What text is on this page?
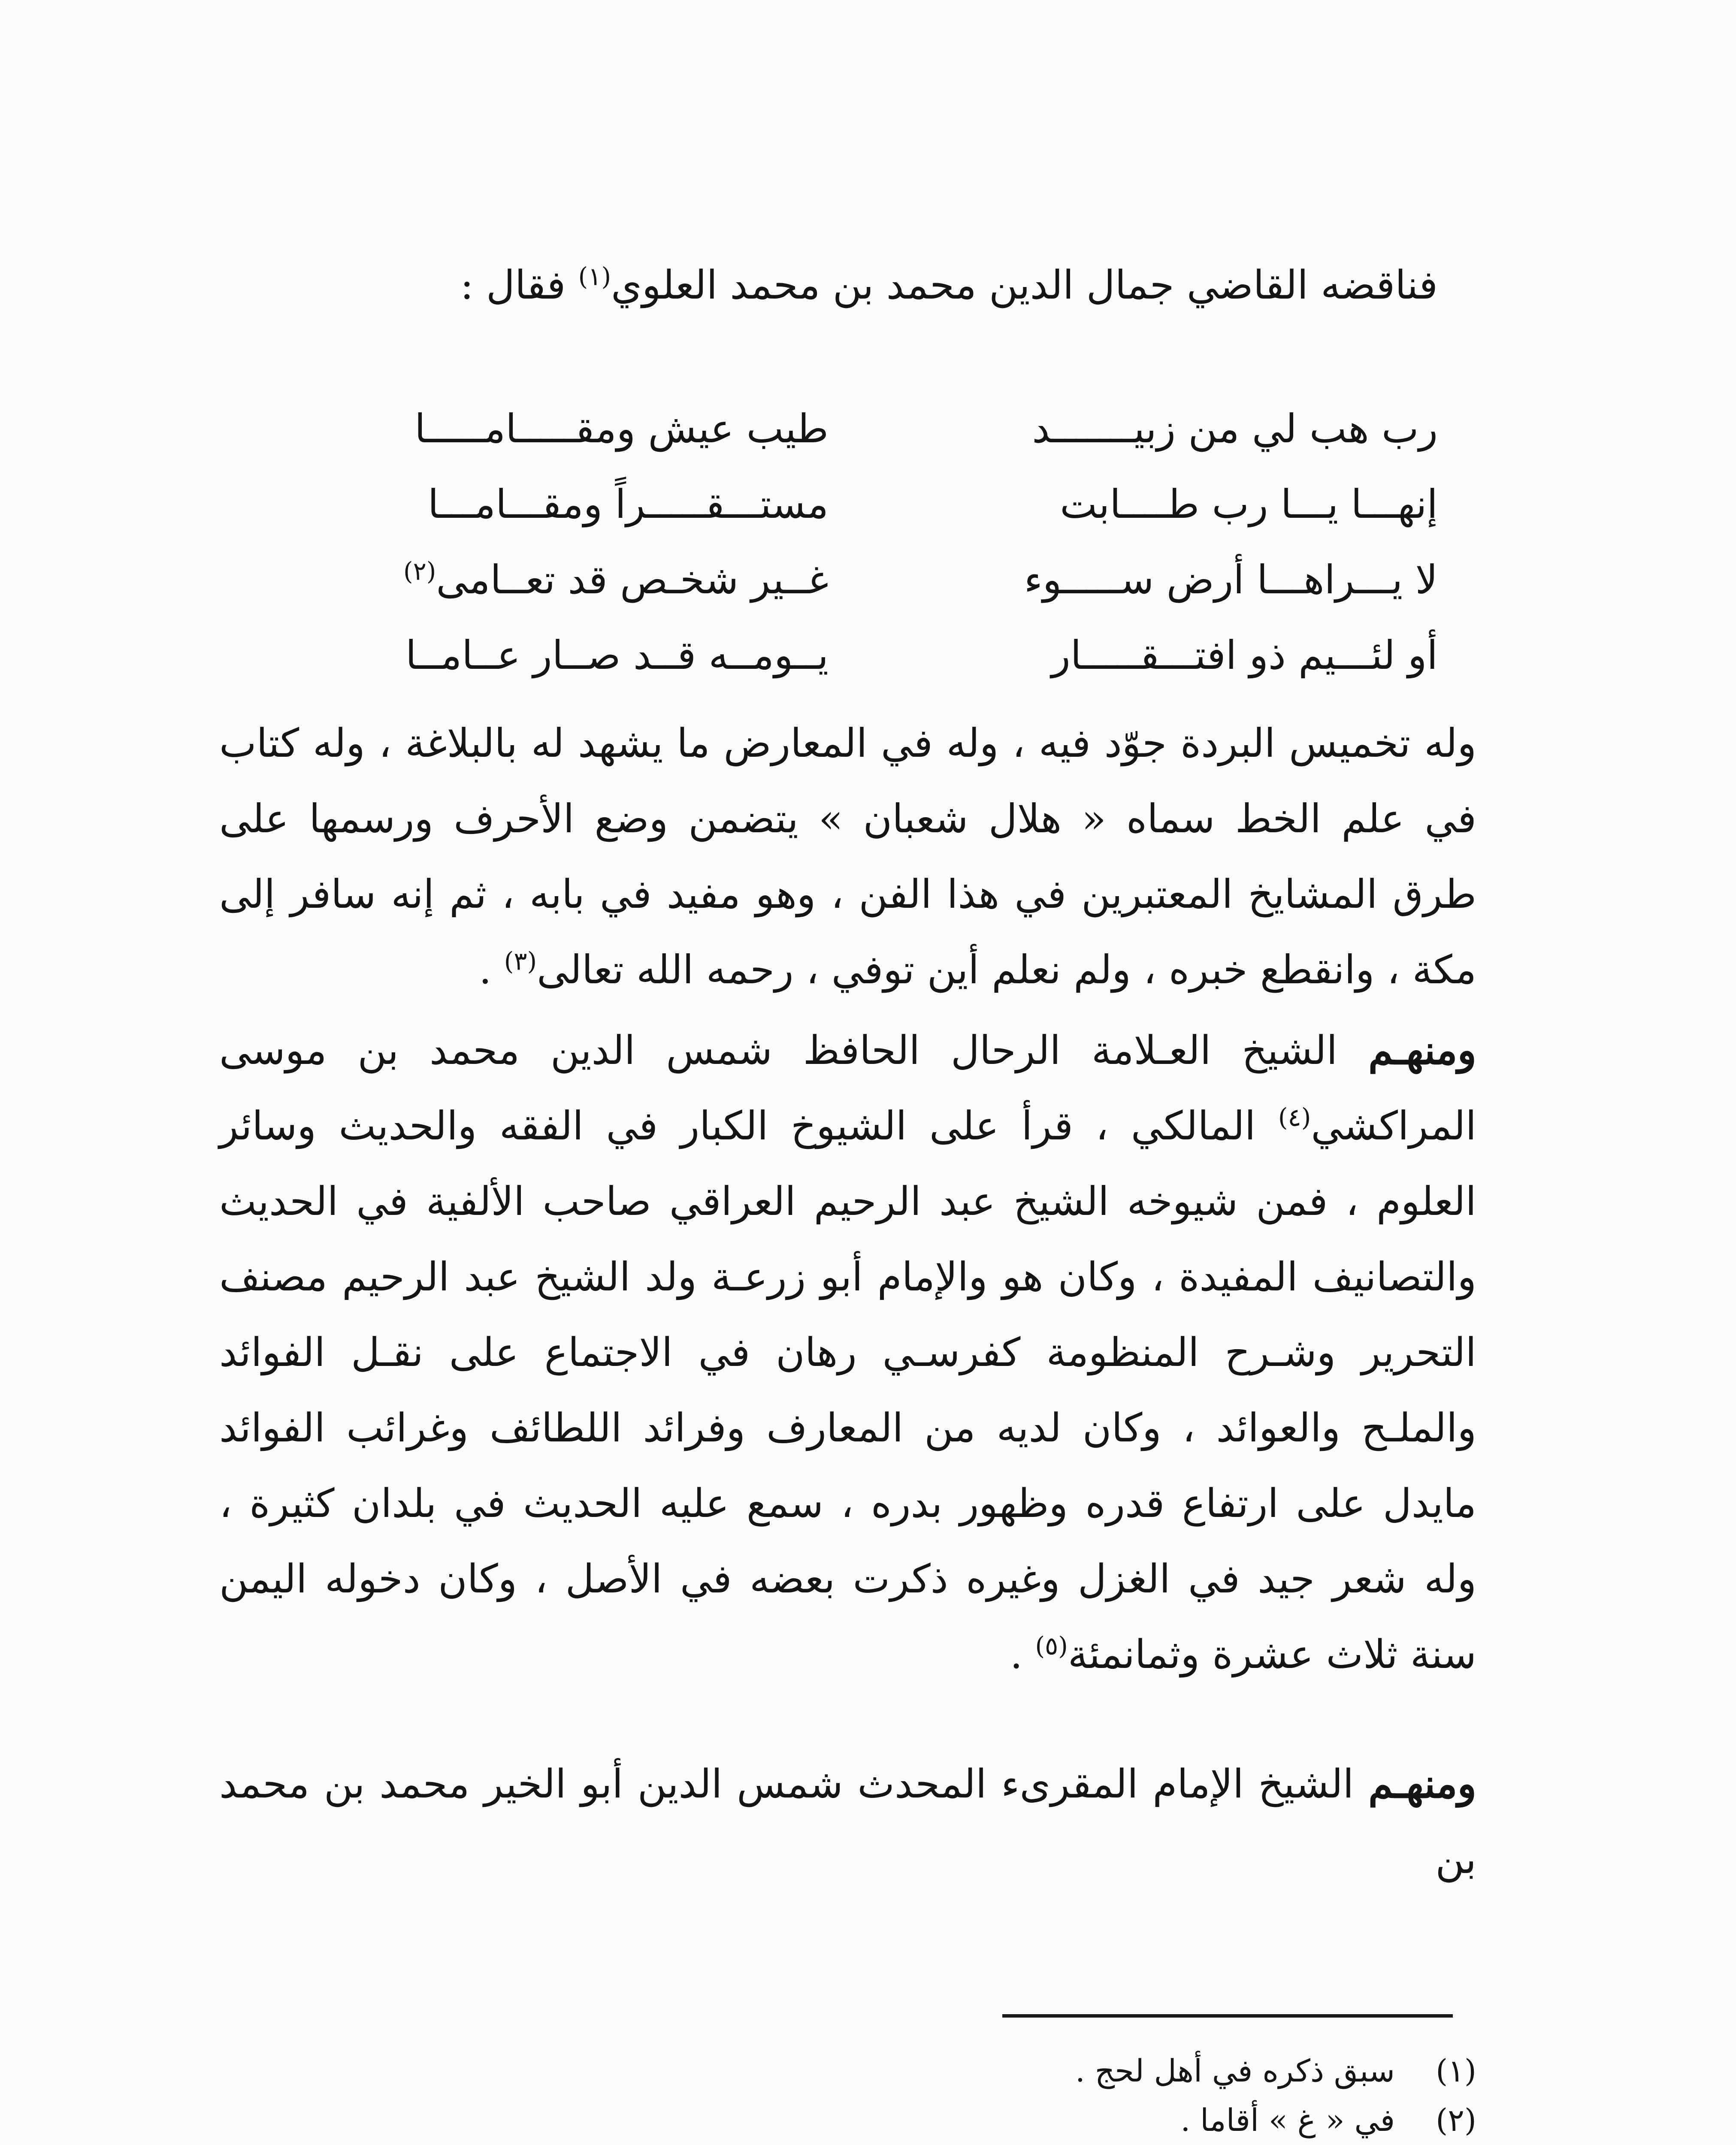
فناقضه القاضي جمال الدين محمد بن محمد العلوي$^{(١)}$ فقال :
رب هب لي من زبيـــــــد
طيب عيش ومقـــــامـــــا
إنهـــا يـــا رب طــــابت
مستـــقـــــراً ومقـــامـــا
لا يـــراهـــا أرض ســـــوء
غــير شخـص قد تعــامى$^{(٢)}$
أو لئـــيم ذو افتـــقـــــار
يــومــه قــد صــار عــامــا
وله تخميس البردة جوّد فيه ، وله في المعارض ما يشهد له بالبلاغة ، وله كتاب في علم الخط سماه « هلال شعبان » يتضمن وضع الأحرف ورسمها على طرق المشايخ المعتبرين في هذا الفن ، وهو مفيد في بابه ، ثم إنه سافر إلى مكة ، وانقطع خبره ، ولم نعلم أين توفي ، رحمه الله تعالى$^{(٣)}$ .
ومنهـم الشيخ العـلامة الرحال الحافظ شمس الدين محمد بن موسى المراكشي$^{(٤)}$ المالكي ، قرأ على الشيوخ الكبار في الفقه والحديث وسائر العلوم ، فمن شيوخه الشيخ عبد الرحيم العراقي صاحب الألفية في الحديث والتصانيف المفيدة ، وكان هو والإمام أبو زرعـة ولد الشيخ عبد الرحيم مصنف التحرير وشـرح المنظومة كفرسـي رهان في الاجتماع على نقـل الفوائد والملـح والعوائد ، وكان لديه من المعارف وفرائد اللطائف وغرائب الفوائد مايدل على ارتفاع قدره وظهور بدره ، سمع عليه الحديث في بلدان كثيرة ، وله شعر جيد في الغزل وغيره ذكرت بعضه في الأصل ، وكان دخوله اليمن سنة ثلاث عشرة وثمانمئة$^{(٥)}$ .
ومنهـم الشيخ الإمام المقرىء المحدث شمس الدين أبو الخير محمد بن محمد بن
(١)
سبق ذكره في أهل لحج .
(٢)
في « غ » أقاما .
